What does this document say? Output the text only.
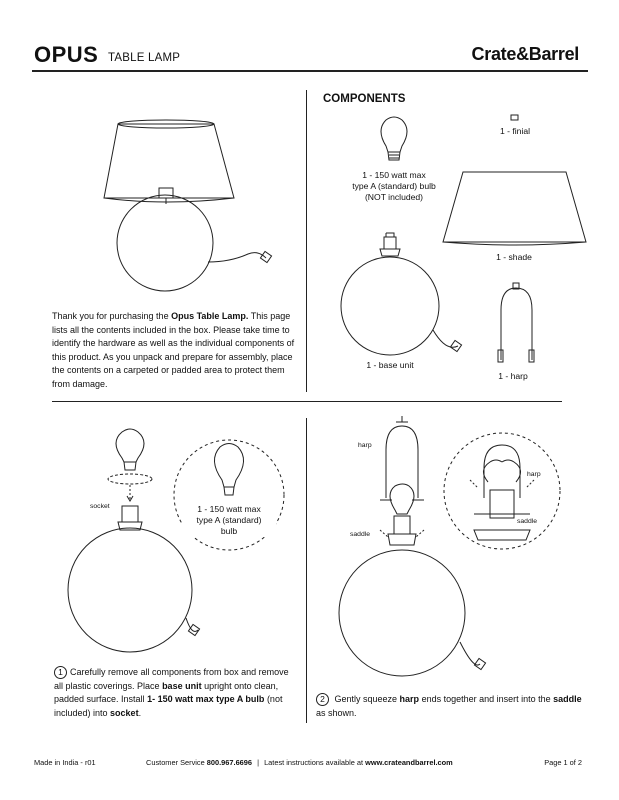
OPUS TABLE LAMP	Crate&Barrel
COMPONENTS
1 - finial
1 - 150 watt max
type A (standard) bulb
(NOT included)
1 - shade
1 - base unit
1 - harp
Thank you for purchasing the Opus Table Lamp. This page lists all the contents included in the box. Please take time to identify the hardware as well as the individual components of this product. As you unpack and prepare for assembly, place the contents on a carpeted or padded area to protect them from damage.
socket	1 - 150 watt max
type A (standard)
bulb
1 Carefully remove all components from box and remove all plastic coverings. Place base unit upright onto clean, padded surface. Install 1- 150 watt max type A bulb (not included) into socket.
harp
saddle
harp
saddle
2 Gently squeeze harp ends together and insert into the saddle as shown.
Made in India - r01	Customer Service 800.967.6696 | Latest instructions available at www.crateandbarrel.com	Page 1 of 2
